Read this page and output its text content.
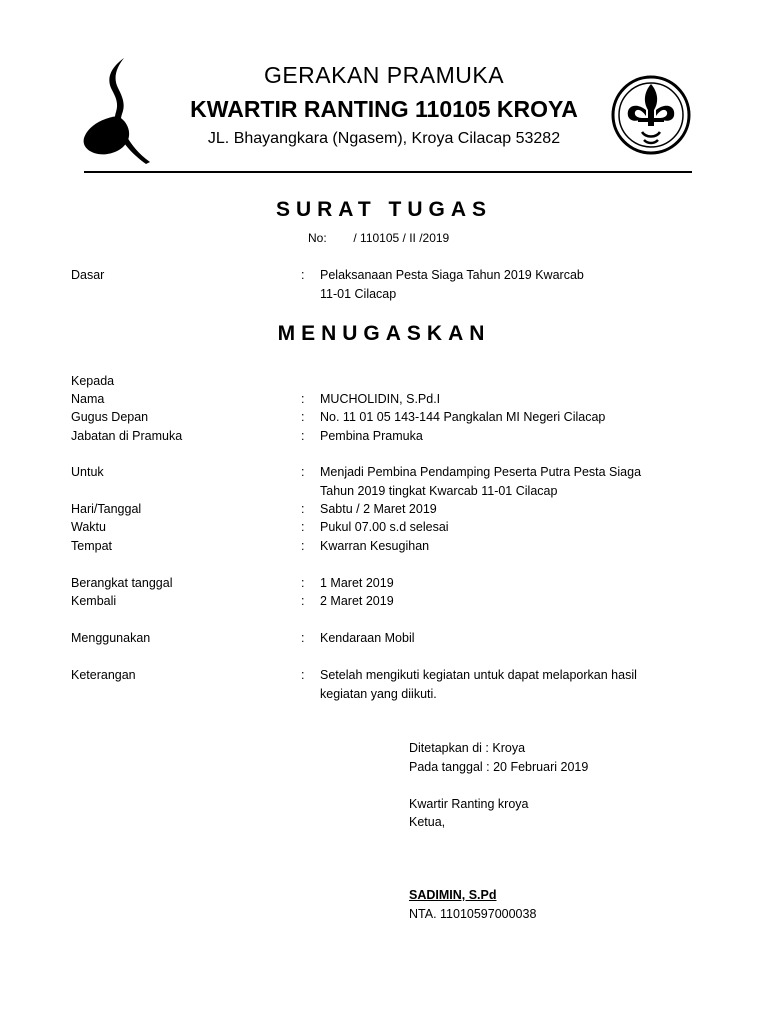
GERAKAN PRAMUKA
KWARTIR RANTING 110105 KROYA
JL. Bhayangkara (Ngasem), Kroya Cilacap 53282
SURAT TUGAS
No: / 110105 / II /2019
Dasar	: Pelaksanaan Pesta Siaga Tahun 2019 Kwarcab
11-01 Cilacap
MENUGASKAN
Kepada
Nama	: MUCHOLIDIN, S.Pd.I
Gugus Depan	: No. 11 01 05 143-144 Pangkalan MI Negeri Cilacap
Jabatan di Pramuka	: Pembina Pramuka
Untuk	: Menjadi Pembina Pendamping Peserta Putra Pesta Siaga
Tahun 2019 tingkat Kwarcab 11-01 Cilacap
Hari/Tanggal	: Sabtu / 2 Maret 2019
Waktu	: Pukul 07.00 s.d selesai
Tempat	: Kwarran Kesugihan
Berangkat tanggal	: 1 Maret 2019
Kembali	: 2 Maret 2019
Menggunakan	: Kendaraan Mobil
Keterangan	: Setelah mengikuti kegiatan untuk dapat melaporkan hasil
kegiatan yang diikuti.
Ditetapkan di : Kroya
Pada tanggal : 20 Februari 2019
Kwartir Ranting kroya
Ketua,
SADIMIN, S.Pd
NTA. 11010597000038
